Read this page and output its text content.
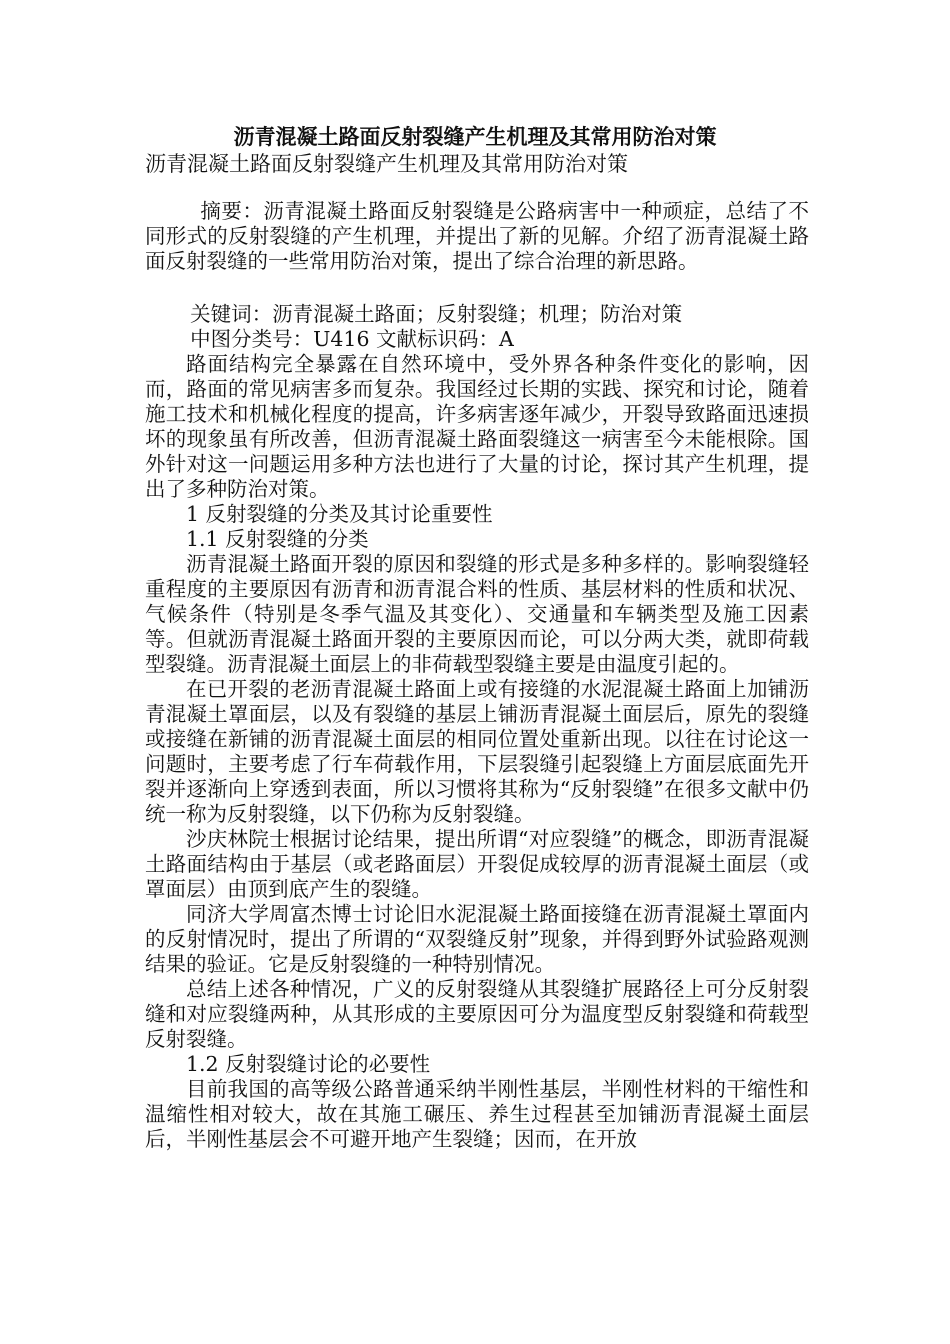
沥青混凝土路面反射裂缝产生机理及其常用防治对策
沥青混凝土路面反射裂缝产生机理及其常用防治对策

摘要：沥青混凝土路面反射裂缝是公路病害中一种顽症，总结了不同形式的反射裂缝的产生机理，并提出了新的见解。介绍了沥青混凝土路面反射裂缝的一些常用防治对策，提出了综合治理的新思路。

关键词：沥青混凝土路面；反射裂缝；机理；防治对策

中图分类号：U416 文献标识码：A

路面结构完全暴露在自然环境中，受外界各种条件变化的影响，因而，路面的常见病害多而复杂。我国经过长期的实践、探究和讨论，随着施工技术和机械化程度的提高，许多病害逐年减少，开裂导致路面迅速损坏的现象虽有所改善，但沥青混凝土路面裂缝这一病害至今未能根除。国外针对这一问题运用多种方法也进行了大量的讨论，探讨其产生机理，提出了多种防治对策。

1 反射裂缝的分类及其讨论重要性

1.1 反射裂缝的分类

沥青混凝土路面开裂的原因和裂缝的形式是多种多样的。影响裂缝轻重程度的主要原因有沥青和沥青混合料的性质、基层材料的性质和状况、气候条件（特别是冬季气温及其变化）、交通量和车辆类型及施工因素等。但就沥青混凝土路面开裂的主要原因而论，可以分两大类，就即荷载型裂缝。沥青混凝土面层上的非荷载型裂缝主要是由温度引起的。

在已开裂的老沥青混凝土路面上或有接缝的水泥混凝土路面上加铺沥青混凝土罩面层，以及有裂缝的基层上铺沥青混凝土面层后，原先的裂缝或接缝在新铺的沥青混凝土面层的相同位置处重新出现。以往在讨论这一问题时，主要考虑了行车荷载作用，下层裂缝引起裂缝上方面层底面先开裂并逐渐向上穿透到表面，所以习惯将其称为“反射裂缝”在很多文献中仍统一称为反射裂缝，以下仍称为反射裂缝。

沙庆林院士根据讨论结果，提出所谓“对应裂缝”的概念，即沥青混凝土路面结构由于基层（或老路面层）开裂促成较厚的沥青混凝土面层（或罩面层）由顶到底产生的裂缝。

同济大学周富杰博士讨论旧水泥混凝土路面接缝在沥青混凝土罩面内的反射情况时，提出了所谓的“双裂缝反射”现象，并得到野外试验路观测结果的验证。它是反射裂缝的一种特别情况。

总结上述各种情况，广义的反射裂缝从其裂缝扩展路径上可分反射裂缝和对应裂缝两种，从其形成的主要原因可分为温度型反射裂缝和荷载型反射裂缝。

1.2 反射裂缝讨论的必要性

目前我国的高等级公路普通采纳半刚性基层，半刚性材料的干缩性和温缩性相对较大，故在其施工碾压、养生过程甚至加铺沥青混凝土面层后，半刚性基层会不可避开地产生裂缝；因而，在开放
